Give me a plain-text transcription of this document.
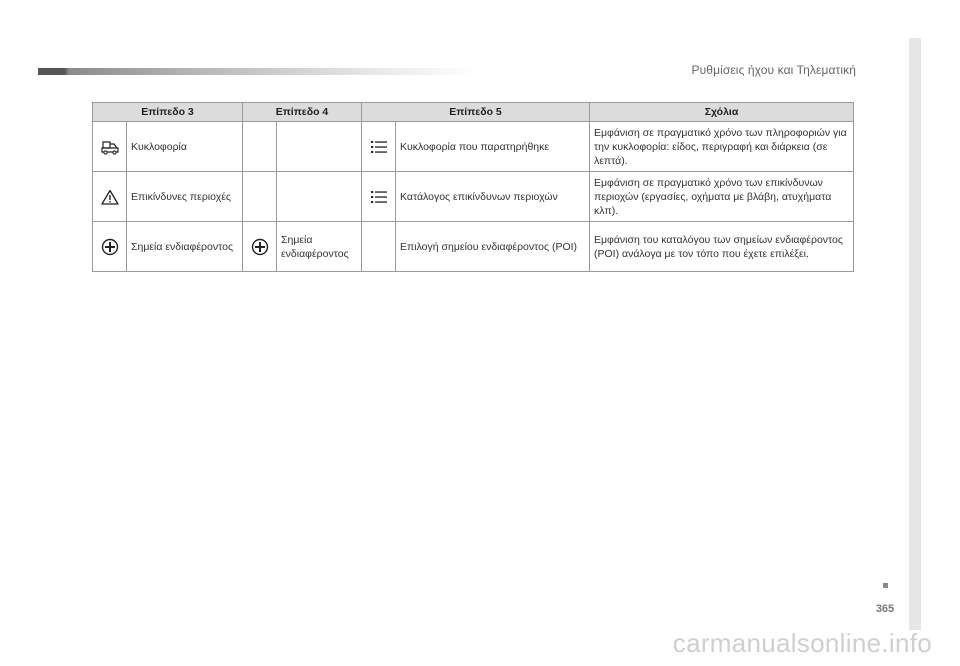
Ρυθμίσεις ήχου και Τηλεματική
Επίπεδο 3		Επίπεδο 4		Επίπεδο 5		Σχόλια

Κυκλοφορία				Κυκλοφορία που παρατηρήθηκε	Εμφάνιση σε πραγματικό χρόνο των πληροφοριών για την κυκλοφορία: είδος, περιγραφή και διάρκεια (σε λεπτά).

Επικίνδυνες περιοχές				Κατάλογος επικίνδυνων περιοχών	Εμφάνιση σε πραγματικό χρόνο των επικίνδυνων περιοχών (εργασίες, οχήματα με βλάβη, ατυχήματα κλπ).

Σημεία ενδιαφέροντος		Σημεία ενδιαφέροντος		Επιλογή σημείου ενδιαφέροντος (POI)	Εμφάνιση του καταλόγου των σημείων ενδιαφέροντος (POI) ανάλογα με τον τόπο που έχετε επιλέξει.
365
carmanualsonline.info
